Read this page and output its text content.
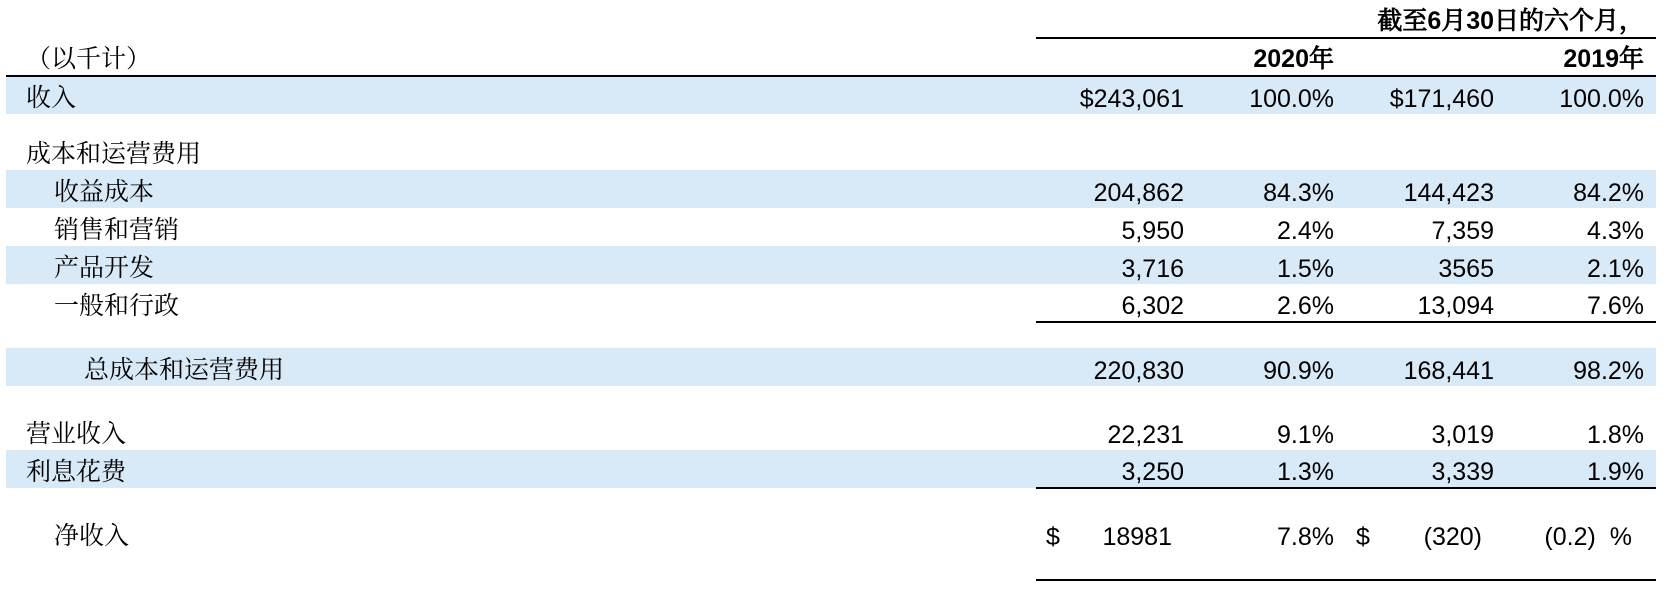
	截至6月30日的六个月，			
（以千计）	2020年		2019年	
收入	$243,061	100.0%	$171,460	100.0%

成本和运营费用				
收益成本	204,862	84.3%	144,423	84.2%
销售和营销	5,950	2.4%	7,359	4.3%
产品开发	3,716	1.5%	3565	2.1%
一般和行政	6,302	2.6%	13,094	7.6%

总成本和运营费用	220,830	90.9%	168,441	98.2%

营业收入	22,231	9.1%	3,019	1.8%
利息花费	3,250	1.3%	3,339	1.9%

净收入	$ 18981	7.8%	$ (320)	(0.2) %
